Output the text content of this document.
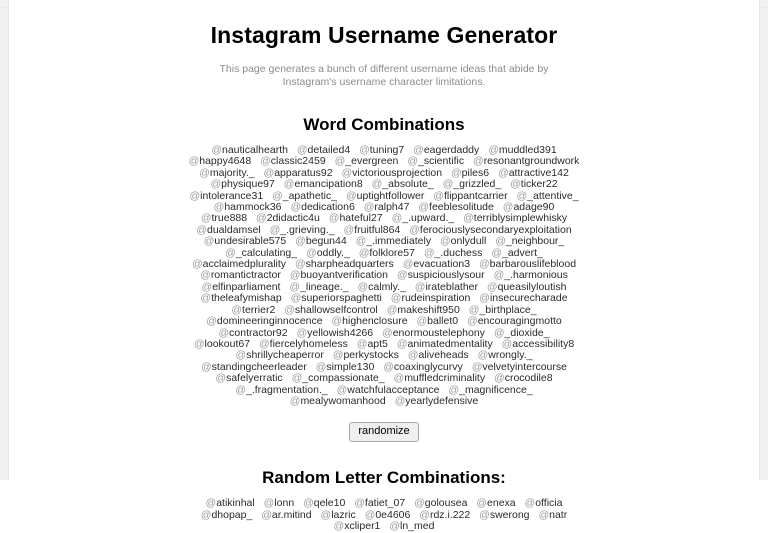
Instagram Username Generator

This page generates a bunch of different username ideas that abide by Instagram's username character limitations.

Word Combinations
@nauticalhearth @detailed4 @tuning7 @eagerdaddy @muddled391 @happy4648 @classic2459 @_evergreen @_scientific @resonantgroundwork @majority._ @apparatus92 @victoriousprojection @piles6 @attractive142 @physique97 @emancipation8 @_absolute_ @_grizzled_ @ticker22 @intolerance31 @_apathetic_ @uptightfollower @flippantcarrier @_attentive_ @hammock36 @dedication6 @ralph47 @feeblesolitude @adage90 @true888 @2didactic4u @hateful27 @_.upward._ @terriblysimplewhisky @dualdamsel @_.grieving._ @fruitful864 @ferociouslysecondaryexploitation @undesirable575 @begun44 @_.immediately @onlydull @_neighbour_ @_calculating_ @oddly._ @folklore57 @_.duchess @_advert_ @acclaimedplurality @sharpheadquarters @evacuation3 @barbarouslifeblood @romantictractor @buoyantverification @suspiciouslysour @_.harmonious @elfinparliament @_lineage._ @calmly._ @irateblather @queasilyloutish @theleafymishap @superiorspaghetti @rudeinspiration @insecurecharade @terrier2 @shallowselfcontrol @makeshift950 @_birthplace_ @domineeringinnocence @highenclosure @ballet0 @encouragingmotto @contractor92 @yellowish4266 @enormoustelephony @_dioxide_ @lookout67 @fiercelyhomeless @apt5 @animatedmentality @accessibility8 @shrillycheaperror @perkystocks @aliveheads @wrongly._ @standingcheerleader @simple130 @coaxinglycurvy @velvetyintercourse @safelyerratic @_compassionate_ @muffledcriminality @crocodile8 @_.fragmentation._ @watchfulacceptance @_magnificence_ @mealywomanhood @yearlydefensive
randomize
Random Letter Combinations:
@atikinhal @lonn @qele10 @fatiet_07 @golousea @enexa @officia @dhopap_ @ar.mitind @lazric @0e4606 @rdz.i.222 @swerong @natr @xcliper1 @ln_med
